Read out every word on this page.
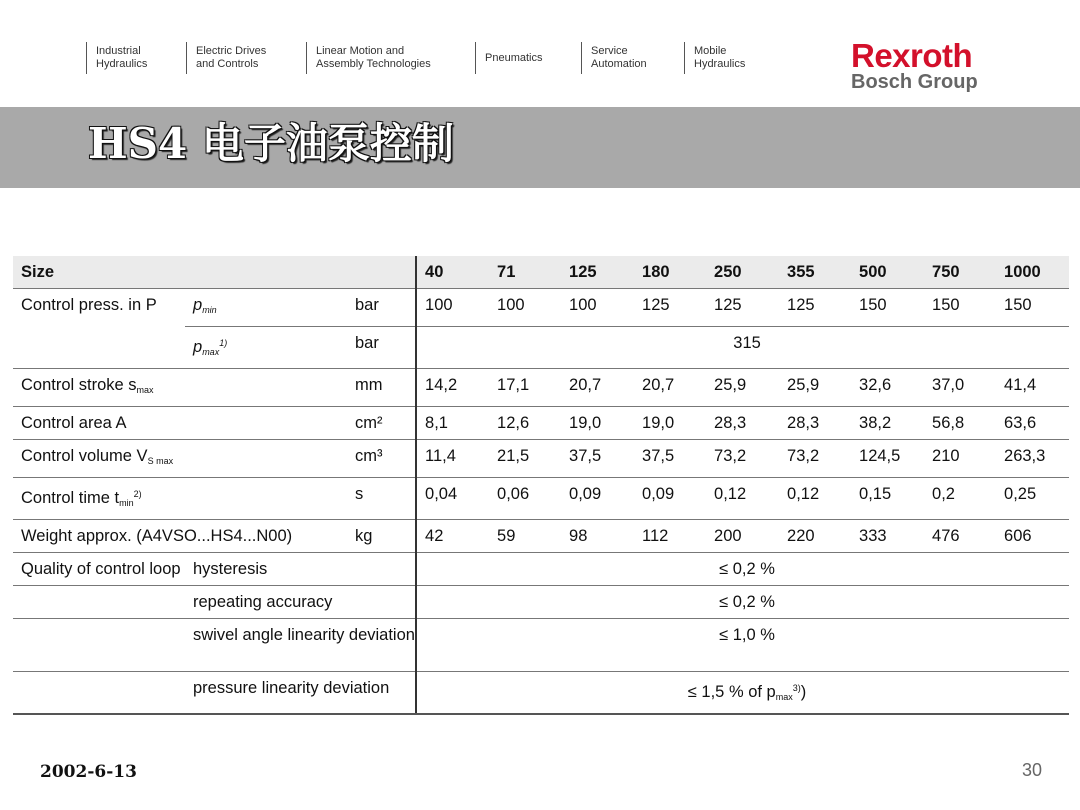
Industrial
Hydraulics
Electric Drives
and Controls
Linear Motion and
Assembly Technologies
Pneumatics
Service
Automation
Mobile
Hydraulics	Rexroth
Bosch Group
HS4 电子油泵控制
Size			40	71	125	180	250	355	500	750	1000
Control press. in P	$p_{min}$	bar	100	100	100	125	125	125	150	150	150
	$p_{max}^{1)}$	bar	315								
Control stroke $s_{max}$		mm	14,2	17,1	20,7	20,7	25,9	25,9	32,6	37,0	41,4
Control area A		cm²	8,1	12,6	19,0	19,0	28,3	28,3	38,2	56,8	63,6
Control volume $V_{S max}$		cm³	11,4	21,5	37,5	37,5	73,2	73,2	124,5	210	263,3
Control time $t_{min}^{2)}$		s	0,04	0,06	0,09	0,09	0,12	0,12	0,15	0,2	0,25
Weight approx. (A4VSO...HS4...N00)		kg	42	59	98	112	200	220	333	476	606
Quality of control loop	hysteresis		≤ 0,2 %								
	repeating accuracy		≤ 0,2 %								
	swivel angle linearity deviation		≤ 1,0 %								
	pressure linearity deviation		≤ 1,5 % of $p_{max}^{3)}$)								
2002-6-13	30
